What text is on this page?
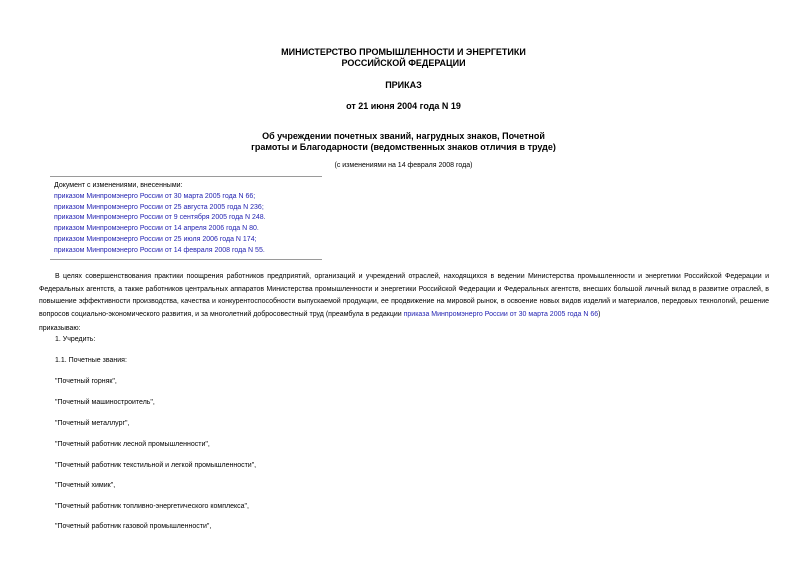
МИНИСТЕРСТВО ПРОМЫШЛЕННОСТИ И ЭНЕРГЕТИКИ
РОССИЙСКОЙ ФЕДЕРАЦИИ
ПРИКАЗ
от 21 июня 2004 года N 19
Об учреждении почетных званий, нагрудных знаков, Почетной
грамоты и Благодарности (ведомственных знаков отличия в труде)
(с изменениями на 14 февраля 2008 года)
Документ с изменениями, внесенными:
приказом Минпромэнерго России от 30 марта 2005 года N 66;
приказом Минпромэнерго России от 25 августа 2005 года N 236;
приказом Минпромэнерго России от 9 сентября 2005 года N 248.
приказом Минпромэнерго России от 14 апреля 2006 года N 80.
приказом Минпромэнерго России от 25 июля 2006 года N 174;
приказом Минпромэнерго России от 14 февраля 2008 года N 55.
В целях совершенствования практики поощрения работников предприятий, организаций и учреждений отраслей, находящихся в ведении Министерства промышленности и энергетики Российской Федерации и Федеральных агентств, а также работников центральных аппаратов Министерства промышленности и энергетики Российской Федерации и Федеральных агентств, внесших большой личный вклад в развитие отраслей, в повышение эффективности производства, качества и конкурентоспособности выпускаемой продукции, ее продвижение на мировой рынок, в освоение новых видов изделий и материалов, передовых технологий, решение вопросов социально-экономического развития, и за многолетний добросовестный труд (преамбула в редакции приказа Минпромэнерго России от 30 марта 2005 года N 66)
приказываю:
1. Учредить:
1.1. Почетные звания:
"Почетный горняк",
"Почетный машиностроитель",
"Почетный металлург",
"Почетный работник лесной промышленности",
"Почетный работник текстильной и легкой промышленности",
"Почетный химик",
"Почетный работник топливно-энергетического комплекса",
"Почетный работник газовой промышленности",
